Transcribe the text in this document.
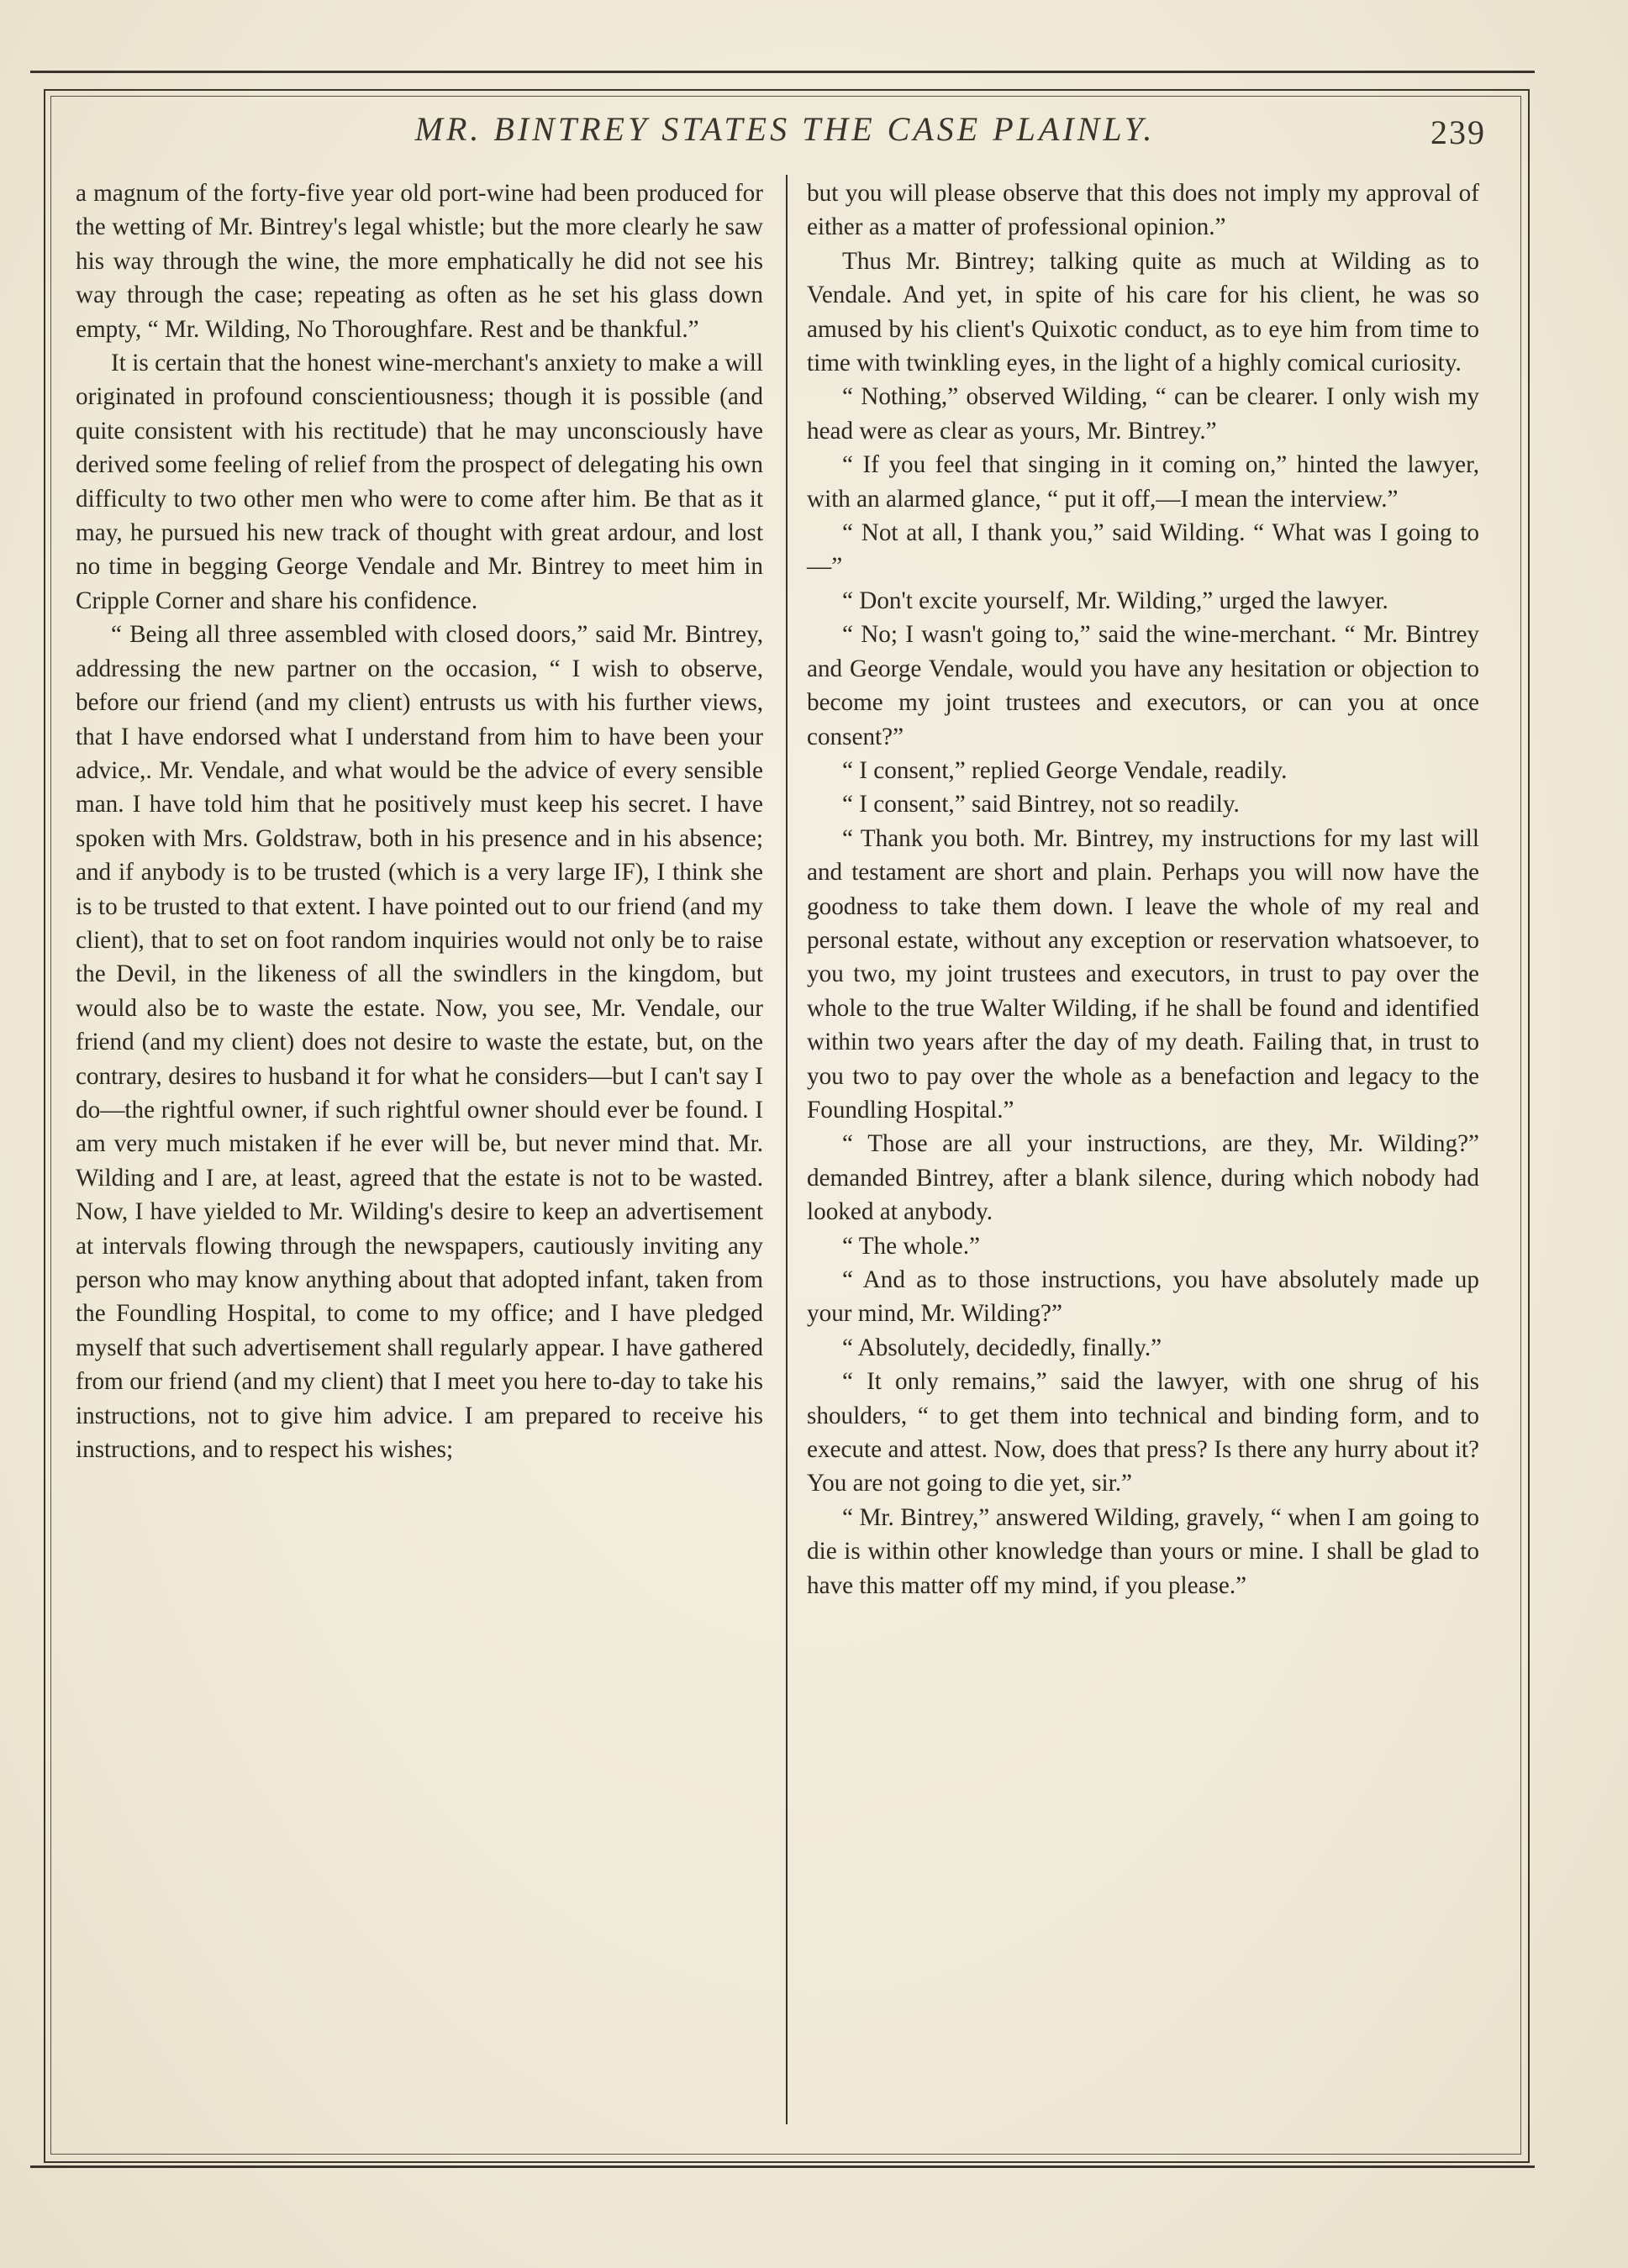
MR. BINTREY STATES THE CASE PLAINLY.	239

a magnum of the forty-five year old port-wine had been produced for the wetting of Mr. Bintrey's legal whistle; but the more clearly he saw his way through the wine, the more emphatically he did not see his way through the case; repeating as often as he set his glass down empty, “ Mr. Wilding, No Thoroughfare. Rest and be thankful.”

It is certain that the honest wine-merchant's anxiety to make a will originated in profound conscientiousness; though it is possible (and quite consistent with his rectitude) that he may unconsciously have derived some feeling of relief from the prospect of delegating his own difficulty to two other men who were to come after him. Be that as it may, he pursued his new track of thought with great ardour, and lost no time in begging George Vendale and Mr. Bintrey to meet him in Cripple Corner and share his confidence.

“ Being all three assembled with closed doors,” said Mr. Bintrey, addressing the new partner on the occasion, “ I wish to observe, before our friend (and my client) entrusts us with his further views, that I have endorsed what I understand from him to have been your advice,. Mr. Vendale, and what would be the advice of every sensible man. I have told him that he positively must keep his secret. I have spoken with Mrs. Goldstraw, both in his presence and in his absence; and if anybody is to be trusted (which is a very large IF), I think she is to be trusted to that extent. I have pointed out to our friend (and my client), that to set on foot random inquiries would not only be to raise the Devil, in the likeness of all the swindlers in the kingdom, but would also be to waste the estate. Now, you see, Mr. Vendale, our friend (and my client) does not desire to waste the estate, but, on the contrary, desires to husband it for what he considers—but I can't say I do—the rightful owner, if such rightful owner should ever be found. I am very much mistaken if he ever will be, but never mind that. Mr. Wilding and I are, at least, agreed that the estate is not to be wasted. Now, I have yielded to Mr. Wilding's desire to keep an advertisement at intervals flowing through the newspapers, cautiously inviting any person who may know anything about that adopted infant, taken from the Foundling Hospital, to come to my office; and I have pledged myself that such advertisement shall regularly appear. I have gathered from our friend (and my client) that I meet you here to-day to take his instructions, not to give him advice. I am prepared to receive his instructions, and to respect his wishes;

but you will please observe that this does not imply my approval of either as a matter of professional opinion.”

Thus Mr. Bintrey; talking quite as much at Wilding as to Vendale. And yet, in spite of his care for his client, he was so amused by his client's Quixotic conduct, as to eye him from time to time with twinkling eyes, in the light of a highly comical curiosity.

“ Nothing,” observed Wilding, “ can be clearer. I only wish my head were as clear as yours, Mr. Bintrey.”

“ If you feel that singing in it coming on,” hinted the lawyer, with an alarmed glance, “ put it off,—I mean the interview.”

“ Not at all, I thank you,” said Wilding. “ What was I going to—”

“ Don't excite yourself, Mr. Wilding,” urged the lawyer.

“ No; I wasn't going to,” said the wine-merchant. “ Mr. Bintrey and George Vendale, would you have any hesitation or objection to become my joint trustees and executors, or can you at once consent?”

“ I consent,” replied George Vendale, readily.

“ I consent,” said Bintrey, not so readily.

“ Thank you both. Mr. Bintrey, my instructions for my last will and testament are short and plain. Perhaps you will now have the goodness to take them down. I leave the whole of my real and personal estate, without any exception or reservation whatsoever, to you two, my joint trustees and executors, in trust to pay over the whole to the true Walter Wilding, if he shall be found and identified within two years after the day of my death. Failing that, in trust to you two to pay over the whole as a benefaction and legacy to the Foundling Hospital.”

“ Those are all your instructions, are they, Mr. Wilding?” demanded Bintrey, after a blank silence, during which nobody had looked at anybody.

“ The whole.”

“ And as to those instructions, you have absolutely made up your mind, Mr. Wilding?”

“ Absolutely, decidedly, finally.”

“ It only remains,” said the lawyer, with one shrug of his shoulders, “ to get them into technical and binding form, and to execute and attest. Now, does that press? Is there any hurry about it? You are not going to die yet, sir.”

“ Mr. Bintrey,” answered Wilding, gravely, “ when I am going to die is within other knowledge than yours or mine. I shall be glad to have this matter off my mind, if you please.”
